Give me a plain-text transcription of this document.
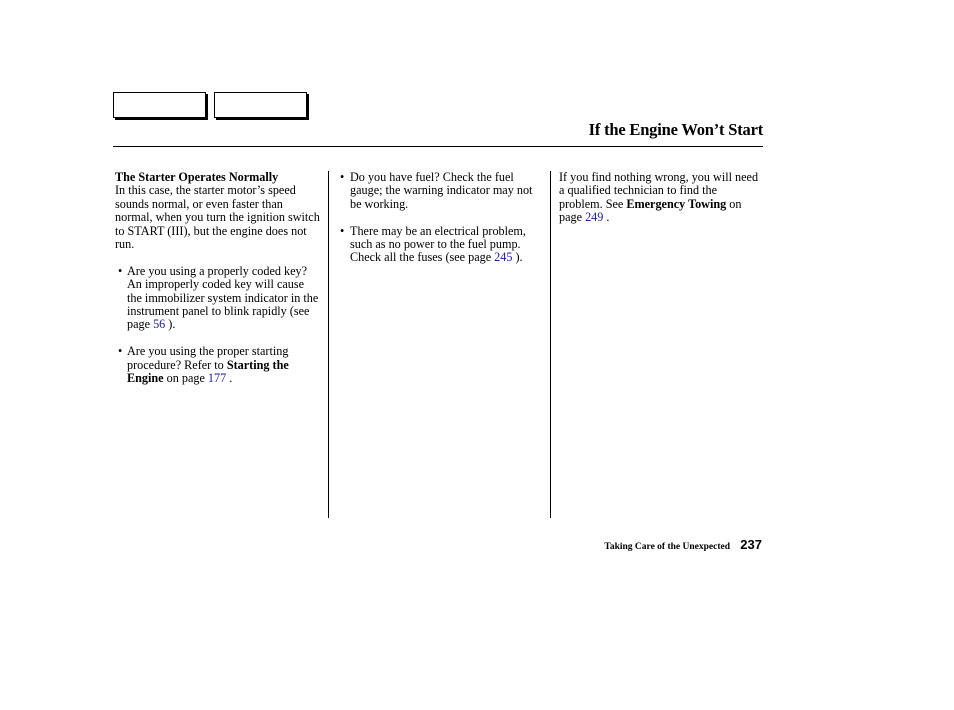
If the Engine Won’t Start

The Starter Operates Normally

In this case, the starter motor’s speed sounds normal, or even faster than normal, when you turn the ignition switch to START (III), but the engine does not run.

• Are you using a properly coded key? An improperly coded key will cause the immobilizer system indicator in the instrument panel to blink rapidly (see page 56 ).

• Are you using the proper starting procedure? Refer to Starting the Engine on page 177 .

• Do you have fuel? Check the fuel gauge; the warning indicator may not be working.

• There may be an electrical problem, such as no power to the fuel pump. Check all the fuses (see page 245 ).

If you find nothing wrong, you will need a qualified technician to find the problem. See Emergency Towing on page 249 .

Taking Care of the Unexpected 237
